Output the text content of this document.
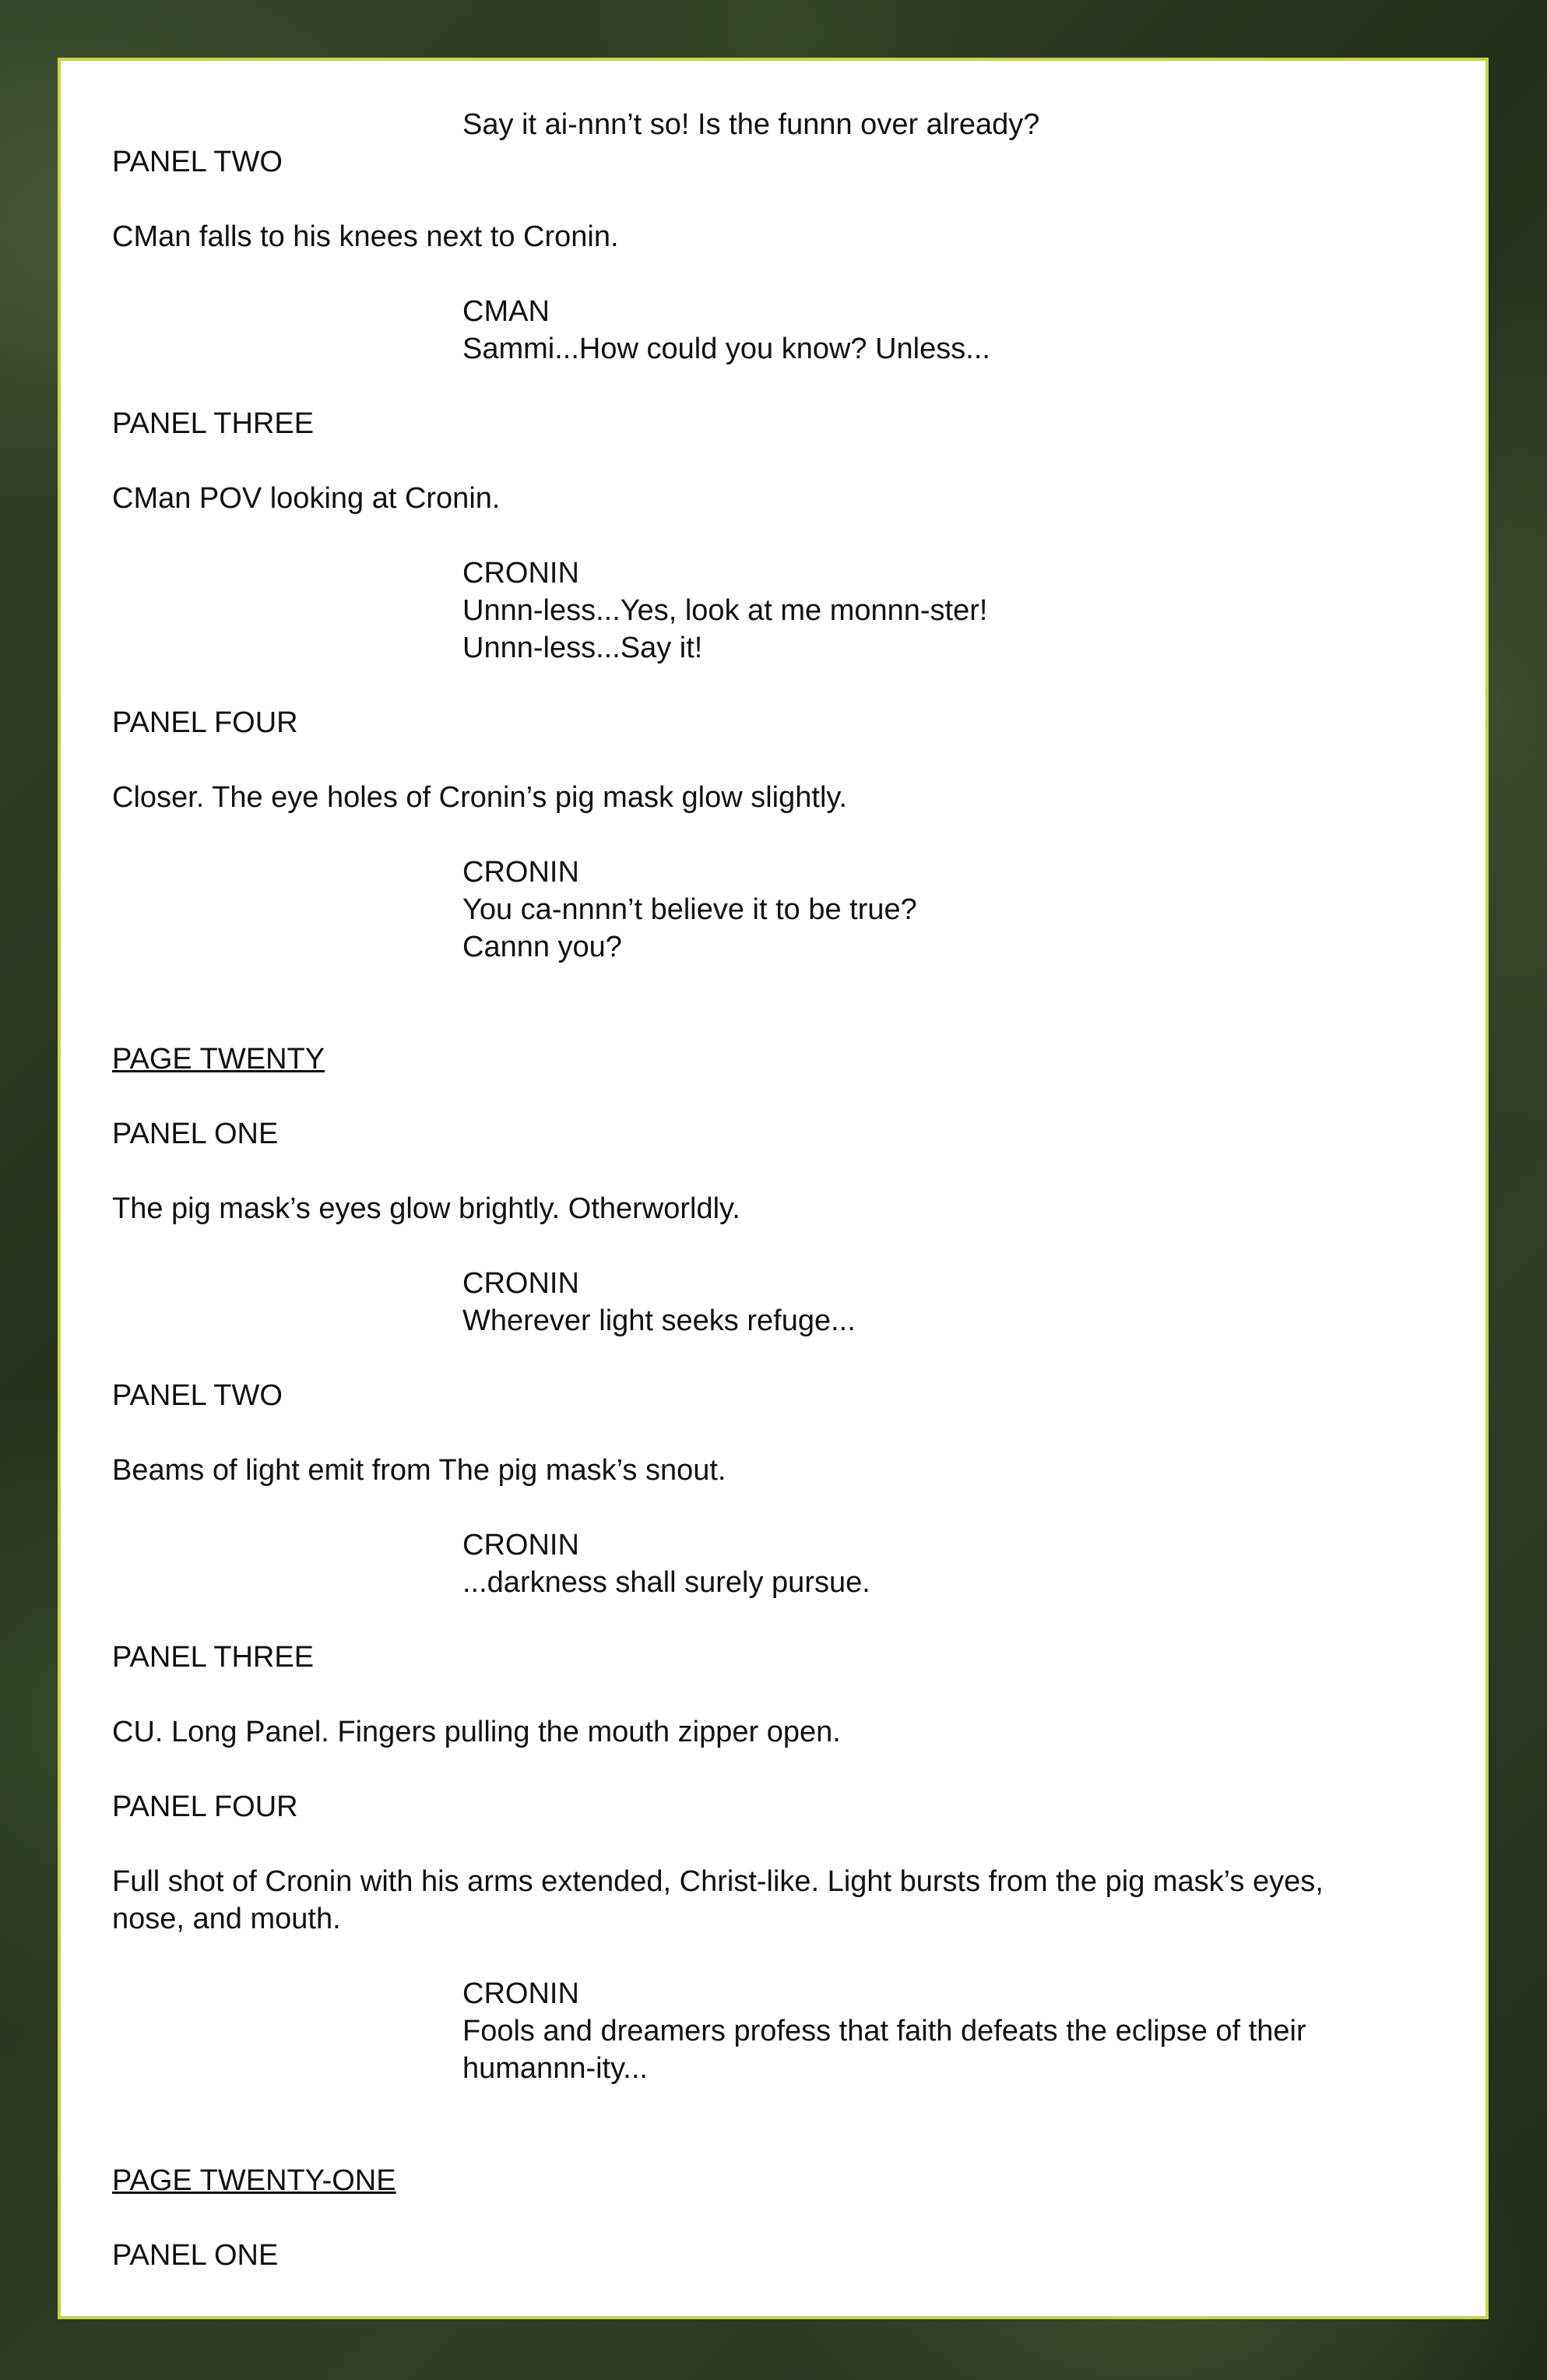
Say it ai-nnn’t so! Is the funnn over already?
PANEL TWO
CMan falls to his knees next to Cronin.
CMAN
Sammi...How could you know? Unless...
PANEL THREE
CMan POV looking at Cronin.
CRONIN
Unnn-less...Yes, look at me monnn-ster!
Unnn-less...Say it!
PANEL FOUR
Closer. The eye holes of Cronin’s pig mask glow slightly.
CRONIN
You ca-nnnn’t believe it to be true?
Cannn you?
PAGE TWENTY
PANEL ONE
The pig mask’s eyes glow brightly. Otherworldly.
CRONIN
Wherever light seeks refuge...
PANEL TWO
Beams of light emit from The pig mask’s snout.
CRONIN
...darkness shall surely pursue.
PANEL THREE
CU. Long Panel. Fingers pulling the mouth zipper open.
PANEL FOUR
Full shot of Cronin with his arms extended, Christ-like. Light bursts from the pig mask’s eyes,
nose, and mouth.
CRONIN
Fools and dreamers profess that faith defeats the eclipse of their
humannn-ity...
PAGE TWENTY-ONE
PANEL ONE
